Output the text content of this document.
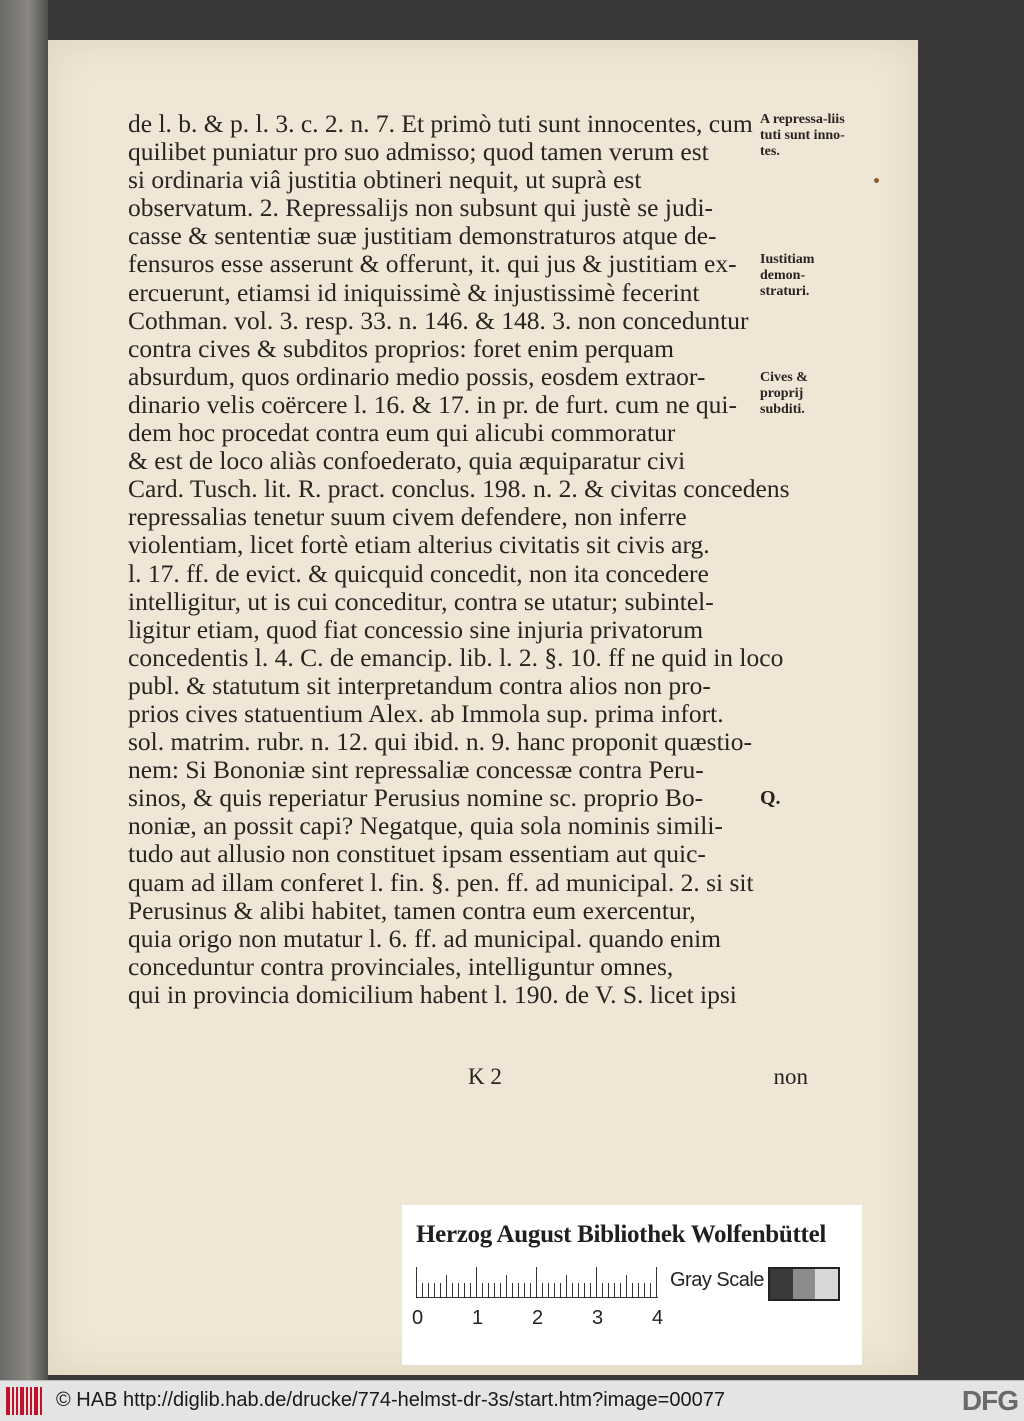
de l. b. & p. l. 3. c. 2. n. 7. Et primò tuti sunt innocentes, cum
quilibet puniatur pro suo admisso; quod tamen verum est
si ordinaria viâ justitia obtineri nequit, ut suprà est
observatum. 2. Repressalijs non subsunt qui justè se judi-
casse & sententiæ suæ justitiam demonstraturos atque de-
fensuros esse asserunt & offerunt, it. qui jus & justitiam ex-
ercuerunt, etiamsi id iniquissimè & injustissimè fecerint
Cothman. vol. 3. resp. 33. n. 146. & 148. 3. non conceduntur
contra cives & subditos proprios: foret enim perquam
absurdum, quos ordinario medio possis, eosdem extraor-
dinario velis coërcere l. 16. & 17. in pr. de furt. cum ne qui-
dem hoc procedat contra eum qui alicubi commoratur
& est de loco aliàs confoederato, quia æquiparatur civi
Card. Tusch. lit. R. pract. conclus. 198. n. 2. & civitas concedens
repressalias tenetur suum civem defendere, non inferre
violentiam, licet fortè etiam alterius civitatis sit civis arg.
l. 17. ff. de evict. & quicquid concedit, non ita concedere
intelligitur, ut is cui conceditur, contra se utatur; subintel-
ligitur etiam, quod fiat concessio sine injuria privatorum
concedentis l. 4. C. de emancip. lib. l. 2. §. 10. ff ne quid in loco
publ. & statutum sit interpretandum contra alios non pro-
prios cives statuentium Alex. ab Immola sup. prima infort.
sol. matrim. rubr. n. 12. qui ibid. n. 9. hanc proponit quæstio-
nem: Si Bononiæ sint repressaliæ concessæ contra Peru-
sinos, & quis reperiatur Perusius nomine sc. proprio Bo-
noniæ, an possit capi? Negatque, quia sola nominis simili-
tudo aut allusio non constituet ipsam essentiam aut quic-
quam ad illam conferet l. fin. §. pen. ff. ad municipal. 2. si sit
Perusinus & alibi habitet, tamen contra eum exercentur,
quia origo non mutatur l. 6. ff. ad municipal. quando enim
conceduntur contra provinciales, intelliguntur omnes,
qui in provincia domicilium habent l. 190. de V. S. licet ipsi
A repressa-liis tuti sunt inno-tes.
Iustitiam demon-straturi.
Cives & proprij subditi.
Q.
K 2	non
Herzog August Bibliothek Wolfenbüttel
0 1 2 3 4
Gray Scale
© HAB http://diglib.hab.de/drucke/774-helmst-dr-3s/start.htm?image=00077	DFG
